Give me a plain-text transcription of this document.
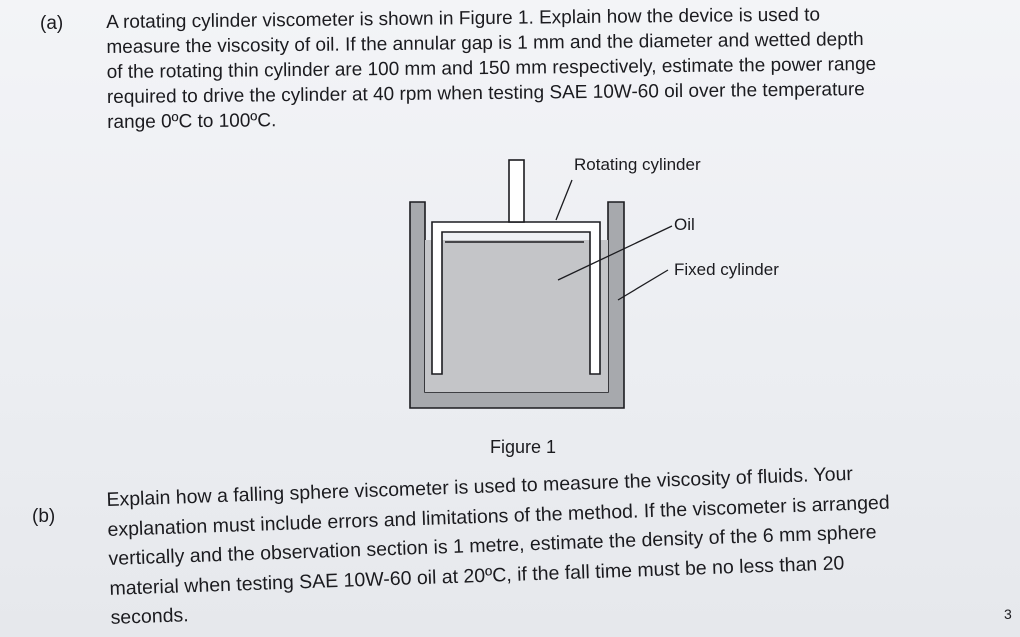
(a) A rotating cylinder viscometer is shown in Figure 1. Explain how the device is used to
measure the viscosity of oil. If the annular gap is 1 mm and the diameter and wetted depth
of the rotating thin cylinder are 100 mm and 150 mm respectively, estimate the power range
required to drive the cylinder at 40 rpm when testing SAE 10W-60 oil over the temperature
range 0ºC to 100ºC.
Rotating cylinder
Oil
Fixed cylinder
Figure 1
(b)
Explain how a falling sphere viscometer is used to measure the viscosity of fluids. Your
explanation must include errors and limitations of the method. If the viscometer is arranged
vertically and the observation section is 1 metre, estimate the density of the 6 mm sphere
material when testing SAE 10W-60 oil at 20ºC, if the fall time must be no less than 20
seconds.	3
